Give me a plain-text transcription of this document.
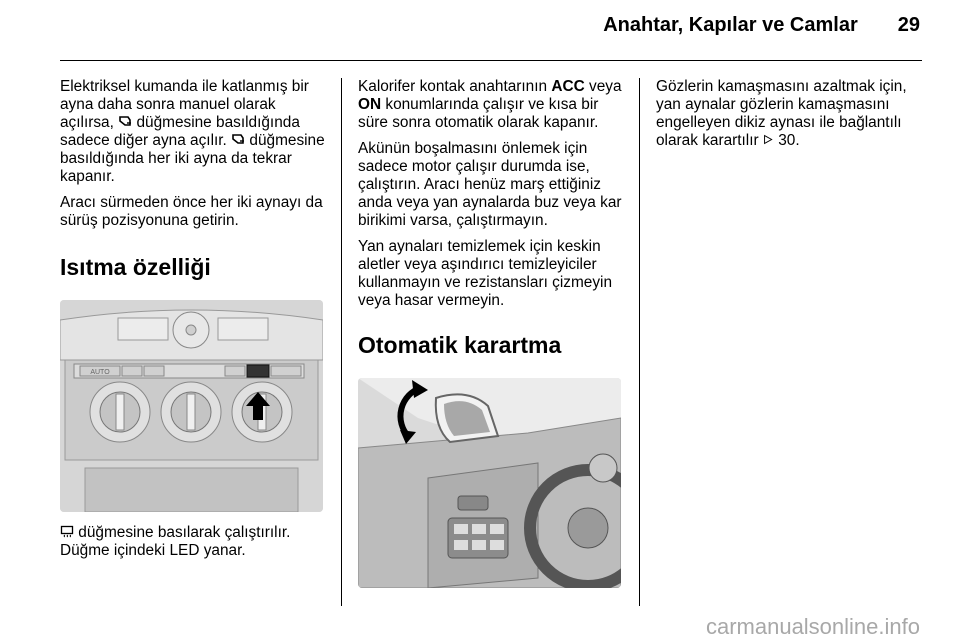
Anahtar, Kapılar ve Camlar 29

Elektriksel kumanda ile katlanmış bir ayna daha sonra manuel olarak açılırsa,  düğmesine basıldığında sadece diğer ayna açılır.  düğmesine basıldığında her iki ayna da tekrar kapanır.

Aracı sürmeden önce her iki aynayı da sürüş pozisyonuna getirin.

Isıtma özelliği
AUTO

düğmesine basılarak çalıştırılır.
Düğme içindeki LED yanar.

Kalorifer kontak anahtarının ACC veya ON konumlarında çalışır ve kısa bir süre sonra otomatik olarak kapanır.

Akünün boşalmasını önlemek için sadece motor çalışır durumda ise, çalıştırın. Aracı henüz marş ettiğiniz anda veya yan aynalarda buz veya kar birikimi varsa, çalıştırmayın.

Yan aynaları temizlemek için keskin aletler veya aşındırıcı temizleyiciler kullanmayın ve rezistansları çizmeyin veya hasar vermeyin.

Otomatik karartma

Gözlerin kamaşmasını azaltmak için, yan aynalar gözlerin kamaşmasını engelleyen dikiz aynası ile bağlantılı olarak karartılır  30.

carmanualsonline.info
